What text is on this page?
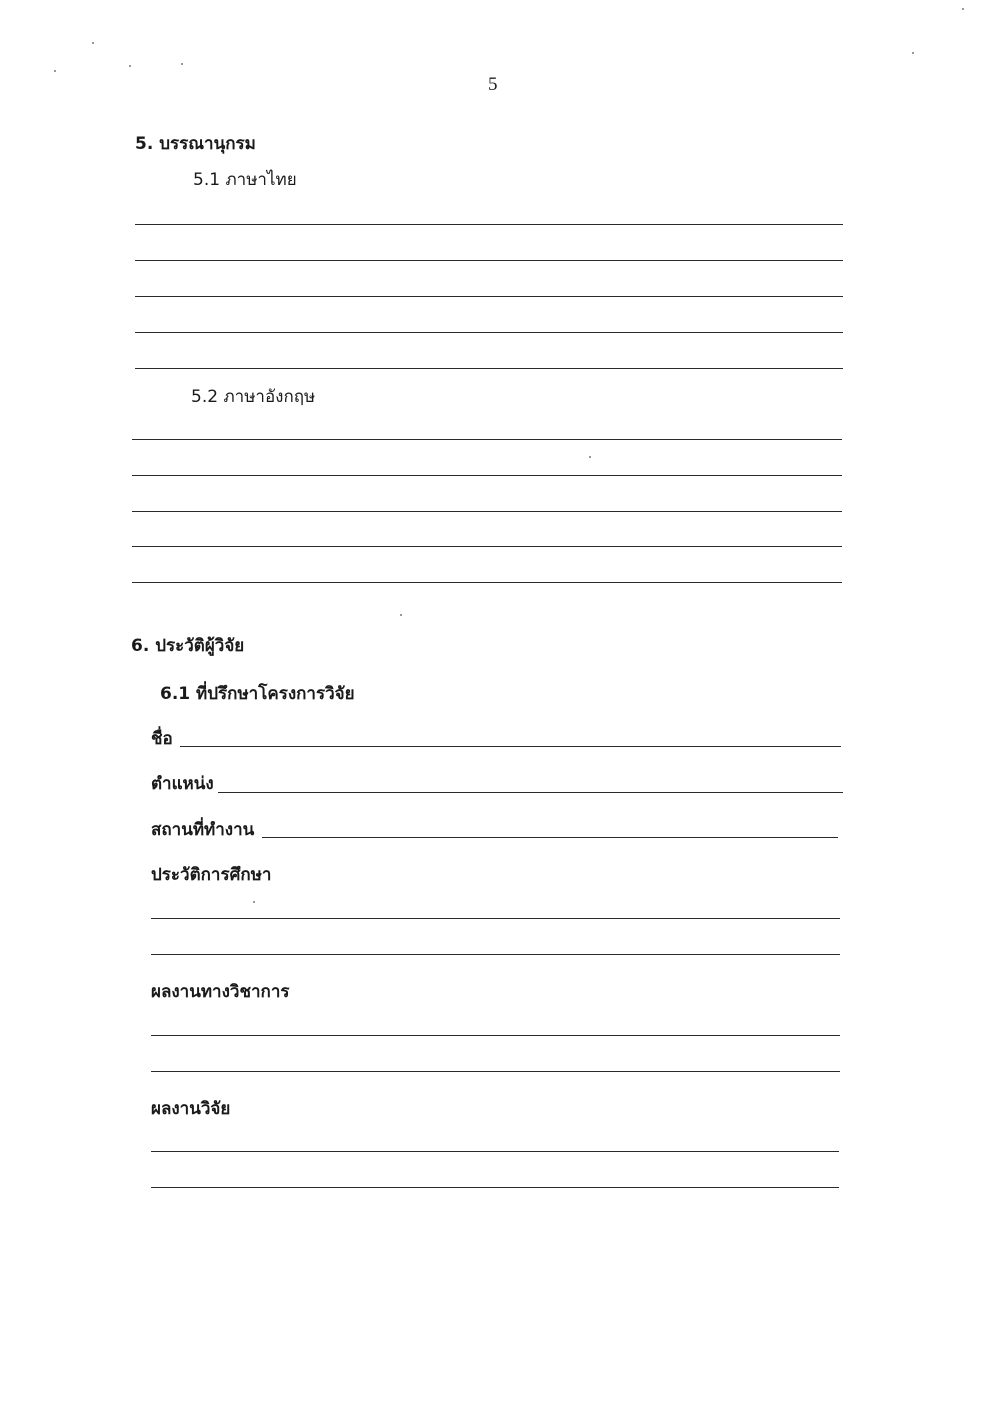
5
5. บรรณานุกรม
5.1 ภาษาไทย
5.2 ภาษาอังกฤษ
6. ประวัติผู้วิจัย
6.1 ที่ปรึกษาโครงการวิจัย
ชื่อ
ตำแหน่ง
สถานที่ทำงาน
ประวัติการศึกษา
ผลงานทางวิชาการ
ผลงานวิจัย
